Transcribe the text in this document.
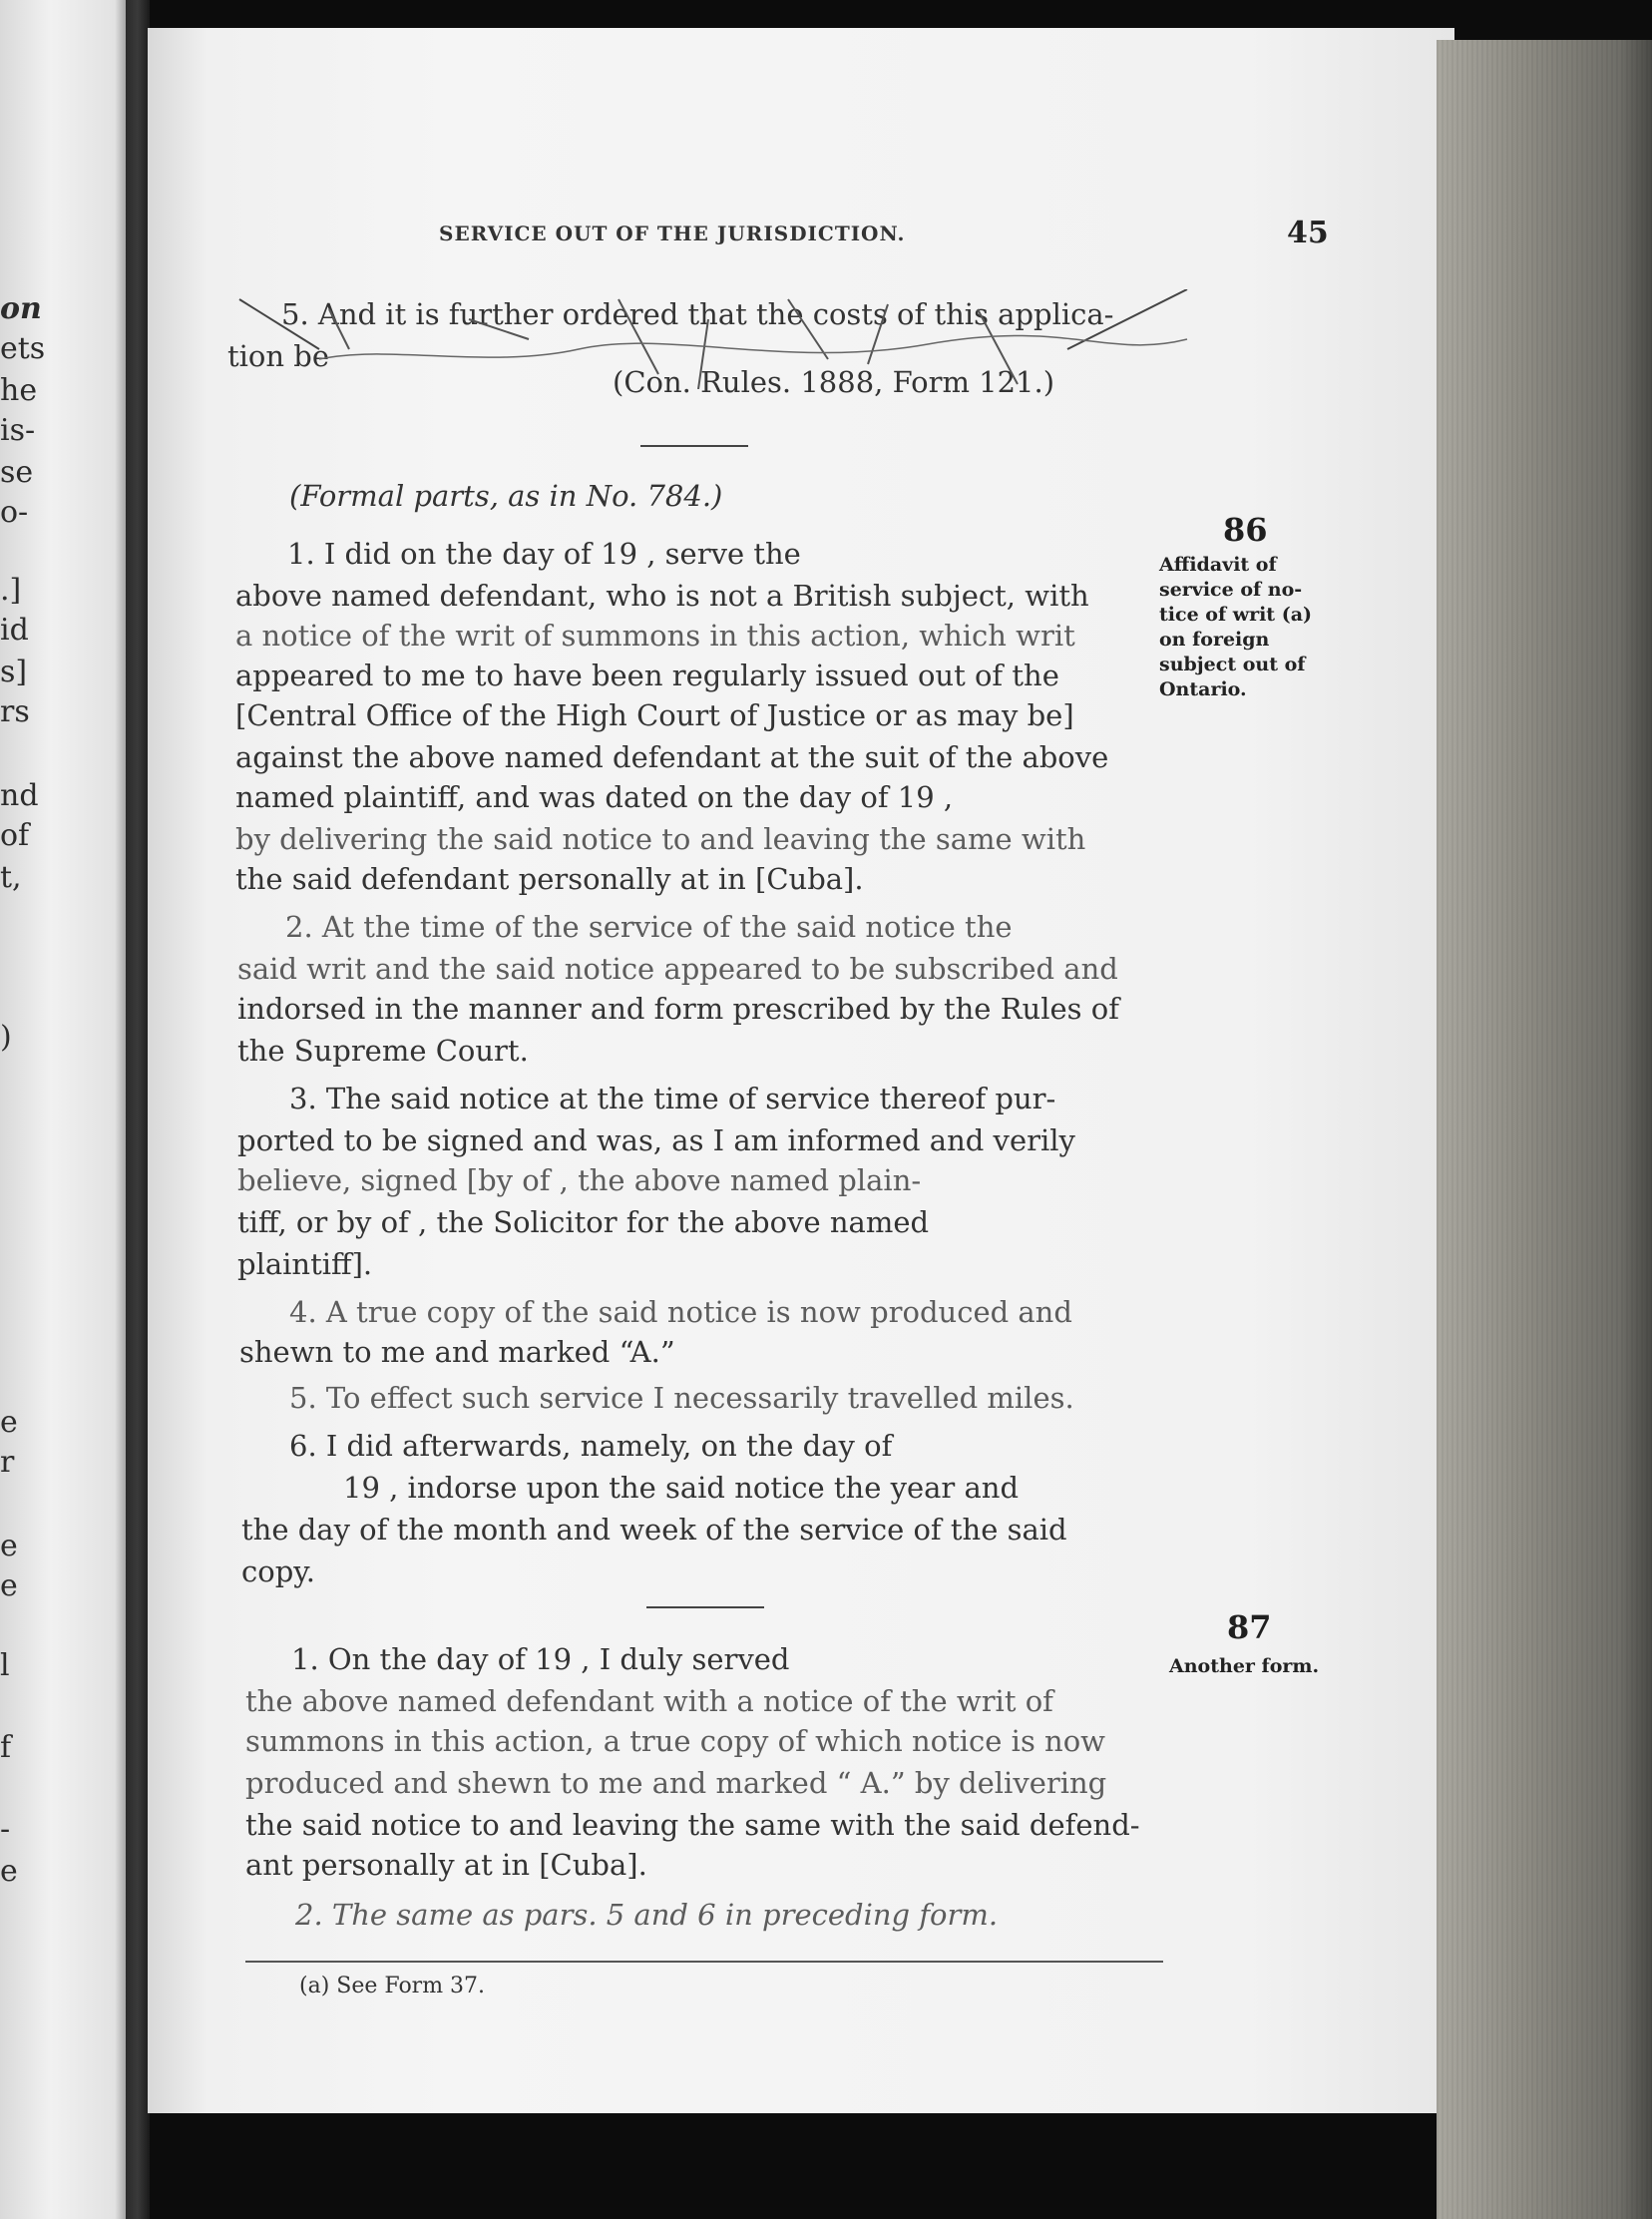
on
ets
he
is-
se
o-
.]
id
s]
rs
nd
of
t,
)
e
r
e
e
l
f
-
e
SERVICE OUT OF THE JURISDICTION.	45
5. And it is further ordered that the costs of this applica-
tion be
(Con. Rules. 1888, Form 121.)
(Formal parts, as in No. 784.)
86
Affidavit of
service of no-
tice of writ (a)
on foreign
subject out of
Ontario.
1. I did on the day of 19 , serve the
above named defendant, who is not a British subject, with
a notice of the writ of summons in this action, which writ
appeared to me to have been regularly issued out of the
[Central Office of the High Court of Justice or as may be]
against the above named defendant at the suit of the above
named plaintiff, and was dated on the day of 19 ,
by delivering the said notice to and leaving the same with
the said defendant personally at in [Cuba].
2. At the time of the service of the said notice the
said writ and the said notice appeared to be subscribed and
indorsed in the manner and form prescribed by the Rules of
the Supreme Court.
3. The said notice at the time of service thereof pur-
ported to be signed and was, as I am informed and verily
believe, signed [by of , the above named plain-
tiff, or by of , the Solicitor for the above named
plaintiff].
4. A true copy of the said notice is now produced and
shewn to me and marked “A.”
5. To effect such service I necessarily travelled miles.
6. I did afterwards, namely, on the day of
19 , indorse upon the said notice the year and
the day of the month and week of the service of the said
copy.
87
Another form.
1. On the day of 19 , I duly served
the above named defendant with a notice of the writ of
summons in this action, a true copy of which notice is now
produced and shewn to me and marked “ A.” by delivering
the said notice to and leaving the same with the said defend-
ant personally at in [Cuba].
2. The same as pars. 5 and 6 in preceding form.
(a) See Form 37.
